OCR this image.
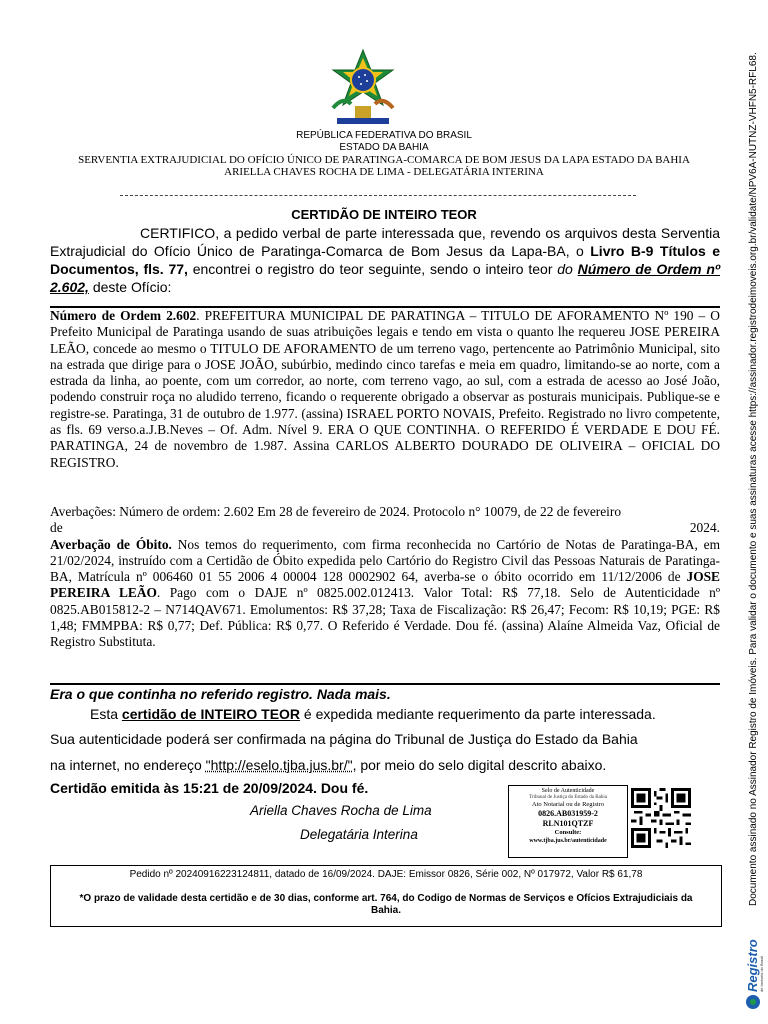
REPÚBLICA FEDERATIVA DO BRASIL
ESTADO DA BAHIA
SERVENTIA EXTRAJUDICIAL DO OFÍCIO ÚNICO DE PARATINGA-COMARCA DE BOM JESUS DA LAPA ESTADO DA BAHIA
ARIELLA CHAVES ROCHA DE LIMA - DELEGATÁRIA INTERINA
CERTIDÃO DE INTEIRO TEOR

CERTIFICO, a pedido verbal de parte interessada que, revendo os arquivos desta Serventia Extrajudicial do Ofício Único de Paratinga-Comarca de Bom Jesus da Lapa-BA, o Livro B-9 Títulos e Documentos, fls. 77, encontrei o registro do teor seguinte, sendo o inteiro teor do Número de Ordem nº 2.602, deste Ofício:

Número de Ordem 2.602. PREFEITURA MUNICIPAL DE PARATINGA – TITULO DE AFORAMENTO Nº 190 – O Prefeito Municipal de Paratinga usando de suas atribuições legais e tendo em vista o quanto lhe requereu JOSE PEREIRA LEÃO, concede ao mesmo o TITULO DE AFORAMENTO de um terreno vago, pertencente ao Patrimônio Municipal, sito na estrada que dirige para o JOSE JOÃO, subúrbio, medindo cinco tarefas e meia em quadro, limitando-se ao norte, com a estrada da linha, ao poente, com um corredor, ao norte, com terreno vago, ao sul, com a estrada de acesso ao José João, podendo construir roça no aludido terreno, ficando o requerente obrigado a observar as posturais municipais. Publique-se e registre-se. Paratinga, 31 de outubro de 1.977. (assina) ISRAEL PORTO NOVAIS, Prefeito. Registrado no livro competente, as fls. 69 verso.a.J.B.Neves – Of. Adm. Nível 9. ERA O QUE CONTINHA. O REFERIDO É VERDADE E DOU FÉ. PARATINGA, 24 de novembro de 1.987. Assina CARLOS ALBERTO DOURADO DE OLIVEIRA – OFICIAL DO REGISTRO.

Averbações: Número de ordem: 2.602 Em 28 de fevereiro de 2024. Protocolo n° 10079, de 22 de fevereiro

de	2024.

Averbação de Óbito. Nos temos do requerimento, com firma reconhecida no Cartório de Notas de Paratinga-BA, em 21/02/2024, instruído com a Certidão de Óbito expedida pelo Cartório do Registro Civil das Pessoas Naturais de Paratinga-BA, Matrícula nº 006460 01 55 2006 4 00004 128 0002902 64, averba-se o óbito ocorrido em 11/12/2006 de JOSE PEREIRA LEÃO. Pago com o DAJE nº 0825.002.012413. Valor Total: R$ 77,18. Selo de Autenticidade nº 0825.AB015812-2 – N714QAV671. Emolumentos: R$ 37,28; Taxa de Fiscalização: R$ 26,47; Fecom: R$ 10,19; PGE: R$ 1,48; FMMPBA: R$ 0,77; Def. Pública: R$ 0,77. O Referido é Verdade. Dou fé. (assina) Alaíne Almeida Vaz, Oficial de Registro Substituta.

Era o que continha no referido registro. Nada mais.

Esta certidão de INTEIRO TEOR é expedida mediante requerimento da parte interessada.

Sua autenticidade poderá ser confirmada na página do Tribunal de Justiça do Estado da Bahia

na internet, no endereço "http://eselo.tjba.jus.br/", por meio do selo digital descrito abaixo.

Certidão emitida às 15:21 de 20/09/2024. Dou fé.

Ariella Chaves Rocha de Lima

Delegatária Interina

Selo de Autenticidade
Tribunal de Justiça do Estado da Bahia
Ato Notarial ou de Registro
0826.AB031959-2
RLN101QTZF
Consulte:
www.tjba.jus.br/autenticidade
Pedido nº 20240916223124811, datado de 16/09/2024. DAJE: Emissor 0826, Série 002, Nº 017972, Valor R$ 61,78
*O prazo de validade desta certidão e de 30 dias, conforme art. 764, do Codigo de Normas de Serviços e Ofícios Extrajudiciais da Bahia.
Documento assinado no Assinador Registro de Imóveis. Para validar o documento e suas assinaturas acesse https://assinador.registrodeimoveis.org.br/validate/NPV6A-NUTNZ-VHFN5-RFL68.
Registro de Imóveis do Brasil
